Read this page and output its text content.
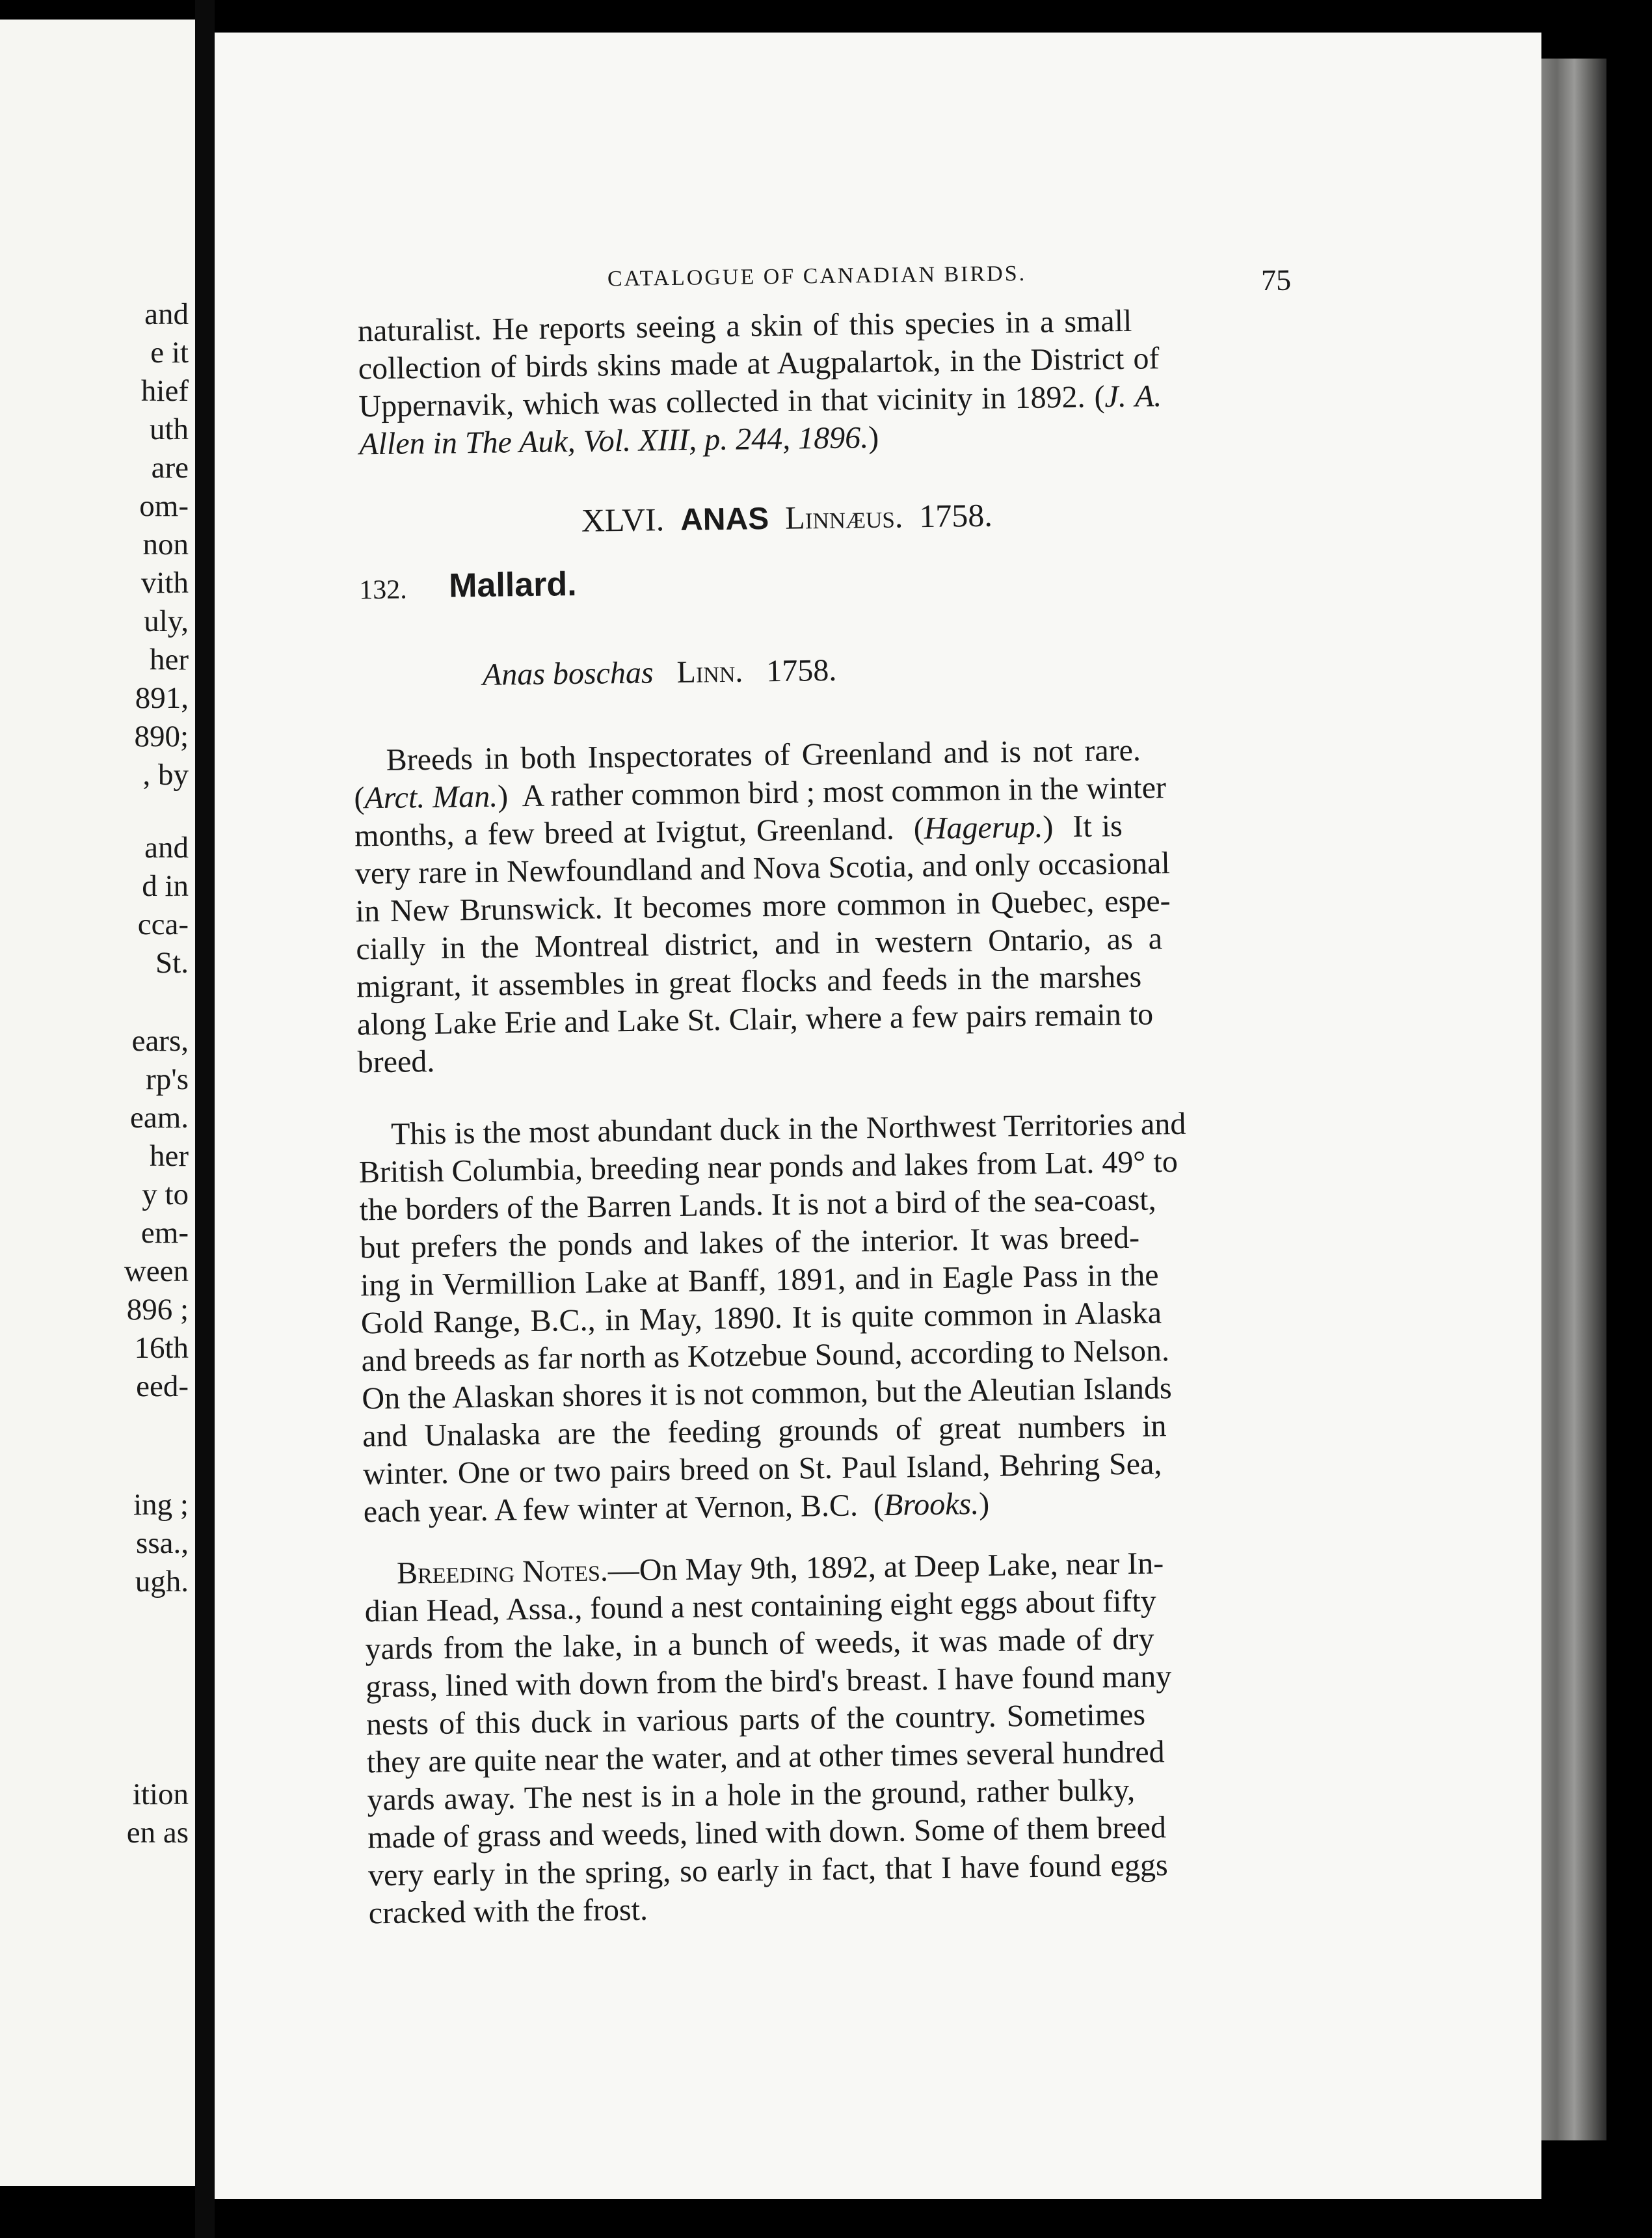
and
e it
hief
uth
are
om-
non
vith
uly,
her
891,
890;
, by
and
d in
cca-
St.
ears,
rp's
eam.
her
y to
em-
ween
896 ;
16th
eed-
ing ;
ssa.,
ugh.
ition
en as
CATALOGUE OF CANADIAN BIRDS.	75
naturalist. He reports seeing a skin of this species in a small
collection of birds skins made at Augpalartok, in the District of
Uppernavik, which was collected in that vicinity in 1892. (J. A.
Allen in The Auk, Vol. XIII, p. 244, 1896.)
XLVI. ANAS Linnæus. 1758.
132. Mallard.
Anas boschas Linn. 1758.
Breeds in both Inspectorates of Greenland and is not rare.
(Arct. Man.)  A rather common bird ; most common in the winter
months, a few breed at Ivigtut, Greenland.  (Hagerup.)  It is
very rare in Newfoundland and Nova Scotia, and only occasional
in New Brunswick. It becomes more common in Quebec, espe-
cially in the Montreal district, and in western Ontario, as a
migrant, it assembles in great flocks and feeds in the marshes
along Lake Erie and Lake St. Clair, where a few pairs remain to
breed.
This is the most abundant duck in the Northwest Territories and
British Columbia, breeding near ponds and lakes from Lat. 49° to
the borders of the Barren Lands. It is not a bird of the sea-coast,
but prefers the ponds and lakes of the interior. It was breed-
ing in Vermillion Lake at Banff, 1891, and in Eagle Pass in the
Gold Range, B.C., in May, 1890. It is quite common in Alaska
and breeds as far north as Kotzebue Sound, according to Nelson.
On the Alaskan shores it is not common, but the Aleutian Islands
and Unalaska are the feeding grounds of great numbers in
winter. One or two pairs breed on St. Paul Island, Behring Sea,
each year. A few winter at Vernon, B.C.  (Brooks.)
Breeding Notes.—On May 9th, 1892, at Deep Lake, near In-
dian Head, Assa., found a nest containing eight eggs about fifty
yards from the lake, in a bunch of weeds, it was made of dry
grass, lined with down from the bird's breast. I have found many
nests of this duck in various parts of the country. Sometimes
they are quite near the water, and at other times several hundred
yards away. The nest is in a hole in the ground, rather bulky,
made of grass and weeds, lined with down. Some of them breed
very early in the spring, so early in fact, that I have found eggs
cracked with the frost.
